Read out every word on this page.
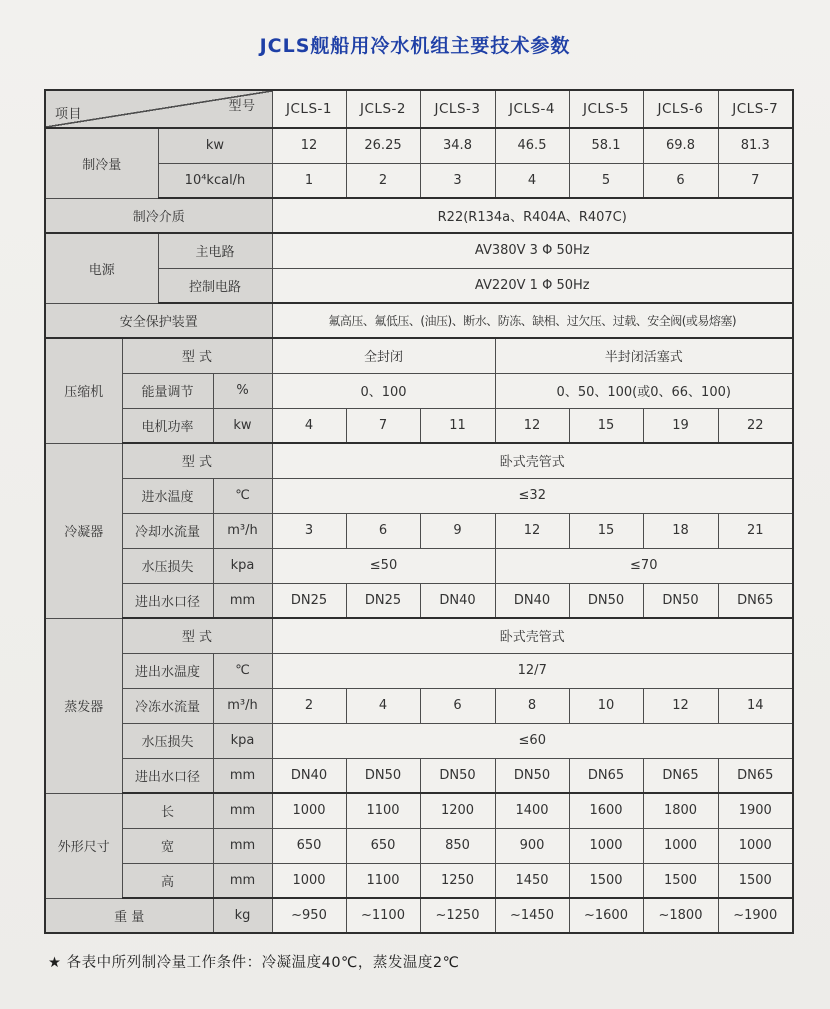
JCLS舰船用冷水机组主要技术参数
项目
型号				JCLS-1	JCLS-2	JCLS-3	JCLS-4	JCLS-5	JCLS-6	JCLS-7
制冷量		kw		12	26.25	34.8	46.5	58.1	69.8	81.3
		10⁴kcal/h		1	2	3	4	5	6	7
制冷介质				R22(R134a、R404A、R407C)						
电源		主电路		AV380V 3 Φ 50Hz						
		控制电路		AV220V 1 Φ 50Hz						
安全保护装置				氟高压、氟低压、(油压)、断水、防冻、缺相、过欠压、过载、安全阀(或易熔塞)						
压缩机	型 式			全封闭			半封闭活塞式			
	能量调节		%	0、100			0、50、100(或0、66、100)			
	电机功率		kw	4	7	11	12	15	19	22
冷凝器	型 式			卧式壳管式						
	进水温度		℃	≤32						
	冷却水流量		m³/h	3	6	9	12	15	18	21
	水压损失		kpa	≤50			≤70			
	进出水口径		mm	DN25	DN25	DN40	DN40	DN50	DN50	DN65
蒸发器	型 式			卧式壳管式						
	进出水温度		℃	12/7						
	冷冻水流量		m³/h	2	4	6	8	10	12	14
	水压损失		kpa	≤60						
	进出水口径		mm	DN40	DN50	DN50	DN50	DN65	DN65	DN65
外形尺寸	长		mm	1000	1100	1200	1400	1600	1800	1900
	宽		mm	650	650	850	900	1000	1000	1000
	高		mm	1000	1100	1250	1450	1500	1500	1500
重 量			kg	~950	~1100	~1250	~1450	~1600	~1800	~1900
★ 各表中所列制冷量工作条件：冷凝温度40℃，蒸发温度2℃
